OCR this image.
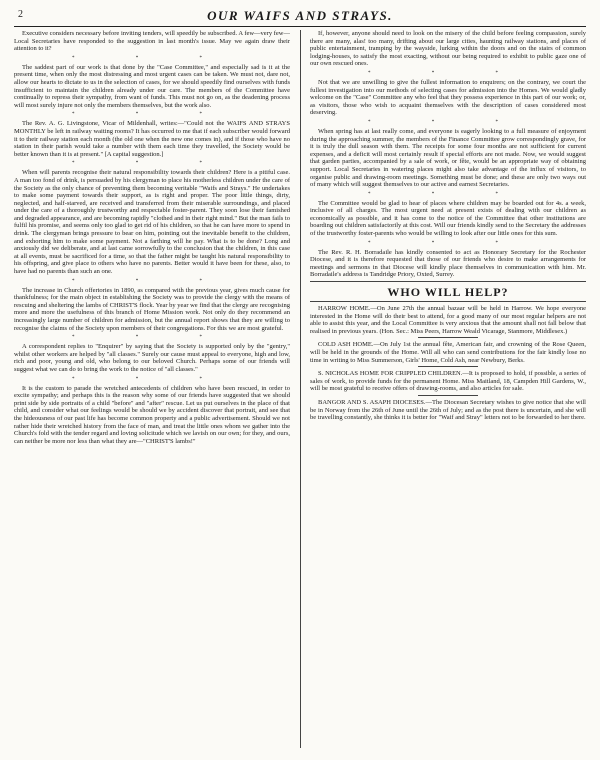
2	OUR WAIFS AND STRAYS.

Executive considers necessary before inviting tenders, will speedily be subscribed. A few—very few—Local Secretaries have responded to the suggestion in last month's issue. May we again draw their attention to it?

* * *

The saddest part of our work is that done by the "Case Committee," and especially sad is it at the present time, when only the most distressing and most urgent cases can be taken. We must not, dare not, allow our hearts to dictate to us in the selection of cases, for we should speedily find ourselves with funds insufficient to maintain the children already under our care. The members of the Committee have continually to repress their sympathy, from want of funds. This must not go on, as the deadening process will most surely injure not only the members themselves, but the work also.

* * *

The Rev. A. G. Livingstone, Vicar of Mildenhall, writes:—"Could not the WAIFS AND STRAYS MONTHLY be left in railway waiting rooms? It has occurred to me that if each subscriber would forward it to their railway station each month (the old one when the new one comes in), and if those who have no station in their parish would take a number with them each time they travelled, the Society would be better known than it is at present." [A capital suggestion.]

* * *

When will parents recognise their natural responsibility towards their children? Here is a pitiful case. A man too fond of drink, is persuaded by his clergyman to place his motherless children under the care of the Society as the only chance of preventing them becoming veritable "Waifs and Strays." He undertakes to make some payment towards their support, as is right and proper. The poor little things, dirty, neglected, and half-starved, are received and transferred from their miserable surroundings, and placed under the care of a thoroughly trustworthy and respectable foster-parent. They soon lose their famished and degraded appearance, and are becoming rapidly "clothed and in their right mind." But the man fails to fulfil his promise, and seems only too glad to get rid of his children, so that he can have more to spend in drink. The clergyman brings pressure to bear on him, pointing out the inevitable benefit to the children, and exhorting him to make some payment. Not a farthing will he pay. What is to be done? Long and anxiously did we deliberate, and at last came sorrowfully to the conclusion that the children, in this case at all events, must be sacrificed for a time, so that the father might be taught his natural responsibility to his offspring, and give place to others who have no parents. Better would it have been for these, also, to have had no parents than such an one.

* * *

The increase in Church offertories in 1890, as compared with the previous year, gives much cause for thankfulness; for the main object in establishing the Society was to provide the clergy with the means of rescuing and sheltering the lambs of CHRIST'S flock. Year by year we find that the clergy are recognising more and more the usefulness of this branch of Home Mission work. Not only do they recommend an increasingly large number of children for admission, but the annual report shows that they are willing to recognise the claims of the Society upon members of their congregations. For this we are most grateful.

* * *

A correspondent replies to "Enquirer" by saying that the Society is supported only by the "gentry," whilst other workers are helped by "all classes." Surely our cause must appeal to everyone, high and low, rich and poor, young and old, who belong to our beloved Church. Perhaps some of our friends will suggest what we can do to bring the work to the notice of "all classes."

* * *

It is the custom to parade the wretched antecedents of children who have been rescued, in order to excite sympathy; and perhaps this is the reason why some of our friends have suggested that we should print side by side portraits of a child "before" and "after" rescue. Let us put ourselves in the place of that child, and consider what our feelings would be should we by accident discover that portrait, and see that the hideousness of our past life has become common property and a public advertisement. Should we not rather hide their wretched history from the face of man, and treat the little ones whom we gather into the Church's fold with the tender regard and loving solicitude which we lavish on our own; for they, and ours, can neither be more nor less than what they are—"CHRIST'S lambs!"

If, however, anyone should need to look on the misery of the child before feeling compassion, surely there are many, alas! too many, drifting about our large cities, haunting railway stations, and places of public entertainment, tramping by the wayside, lurking within the doors and on the stairs of common lodging-houses, to satisfy the most exacting, without our being required to exhibit to public gaze one of our own rescued ones.

* * *

Not that we are unwilling to give the fullest information to enquirers; on the contrary, we court the fullest investigation into our methods of selecting cases for admission into the Homes. We would gladly welcome on the "Case" Committee any who feel that they possess experience in this part of our work; or, as visitors, those who wish to acquaint themselves with the description of cases considered most deserving.

* * *

When spring has at last really come, and everyone is eagerly looking to a full measure of enjoyment during the approaching summer, the members of the Finance Committee grow correspondingly grave, for it is truly the dull season with them. The receipts for some four months are not sufficient for current expenses, and a deficit will most certainly result if special efforts are not made. Now, we would suggest that garden parties, accompanied by a sale of work, or fête, would be an appropriate way of obtaining support. Local Secretaries in watering places might also take advantage of the influx of visitors, to organise public and drawing-room meetings. Something must be done; and these are only two ways out of many which will suggest themselves to our active and earnest Secretaries.

* * *

The Committee would be glad to hear of places where children may be boarded out for 4s. a week, inclusive of all charges. The most urgent need at present exists of dealing with our children as economically as possible, and it has come to the notice of the Committee that other institutions are boarding out children satisfactorily at this cost. Will our friends kindly send to the Secretary the addresses of the trustworthy foster-parents who would be willing to look after our little ones for this sum.

* * *

The Rev. R. H. Borradaile has kindly consented to act as Honorary Secretary for the Rochester Diocese, and it is therefore requested that those of our friends who desire to make arrangements for meetings and sermons in that Diocese will kindly place themselves in communication with him. Mr. Borradaile's address is Tandridge Priory, Oxted, Surrey.

WHO WILL HELP?

HARROW HOME.—On June 27th the annual bazaar will be held in Harrow. We hope everyone interested in the Home will do their best to attend, for a good many of our most regular helpers are not able to assist this year, and the Local Committee is very anxious that the amount shall not fall below that realised in previous years. (Hon. Sec.: Miss Peers, Harrow Weald Vicarage, Stanmore, Middlesex.)

COLD ASH HOME.—On July 1st the annual fête, American fair, and crowning of the Rose Queen, will be held in the grounds of the Home. Will all who can send contributions for the fair kindly lose no time in writing to Miss Summerson, Girls' Home, Cold Ash, near Newbury, Berks.

S. NICHOLAS HOME FOR CRIPPLED CHILDREN.—It is proposed to hold, if possible, a series of sales of work, to provide funds for the permanent Home. Miss Maitland, 18, Campden Hill Gardens, W., will be most grateful to receive offers of drawing-rooms, and also articles for sale.

BANGOR AND S. ASAPH DIOCESES.—The Diocesan Secretary wishes to give notice that she will be in Norway from the 26th of June until the 26th of July; and as the post there is uncertain, and she will be travelling constantly, she thinks it is better for "Waif and Stray" letters not to be forwarded to her there.
